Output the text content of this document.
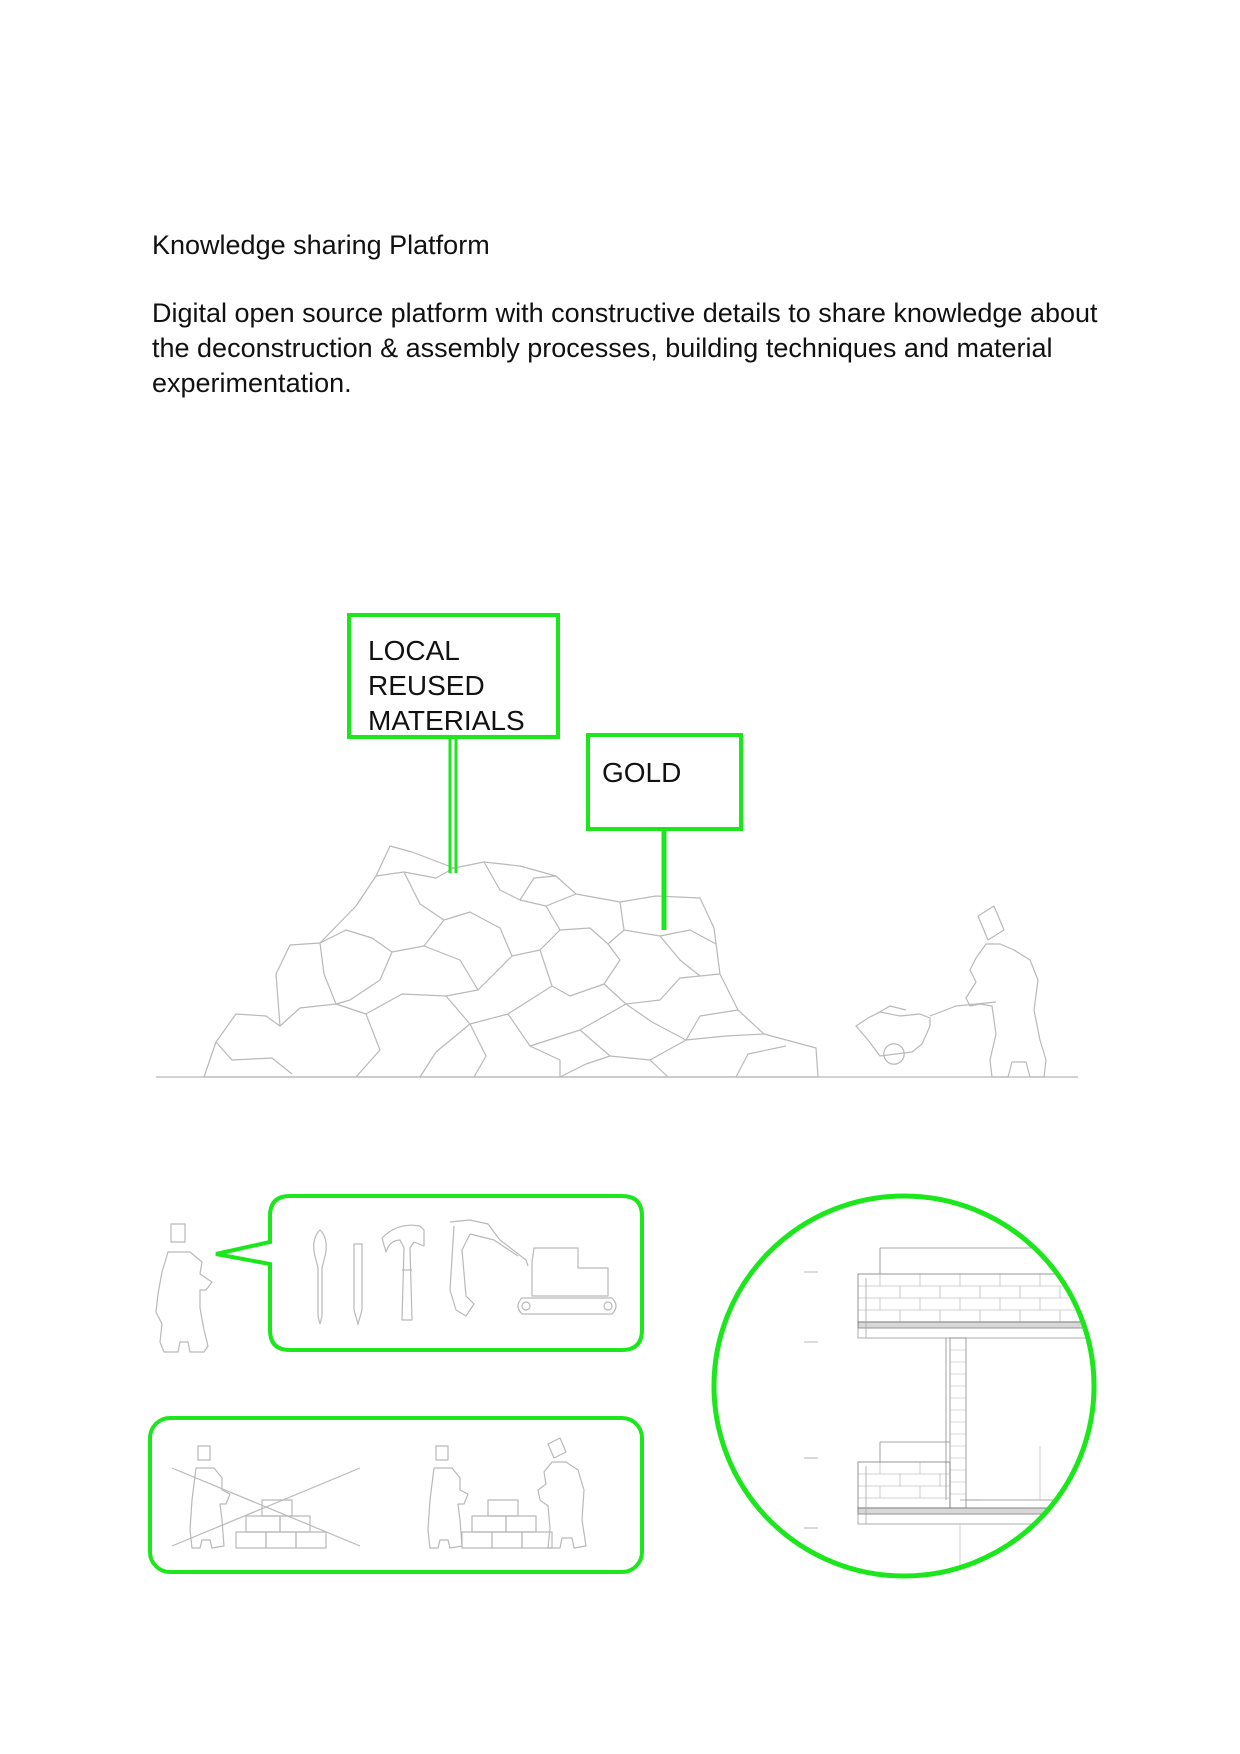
Knowledge sharing Platform
Digital open source platform with constructive details to share knowledge about the deconstruction & assembly processes, building techniques and material experimentation.
LOCAL
REUSED
MATERIALS
GOLD
